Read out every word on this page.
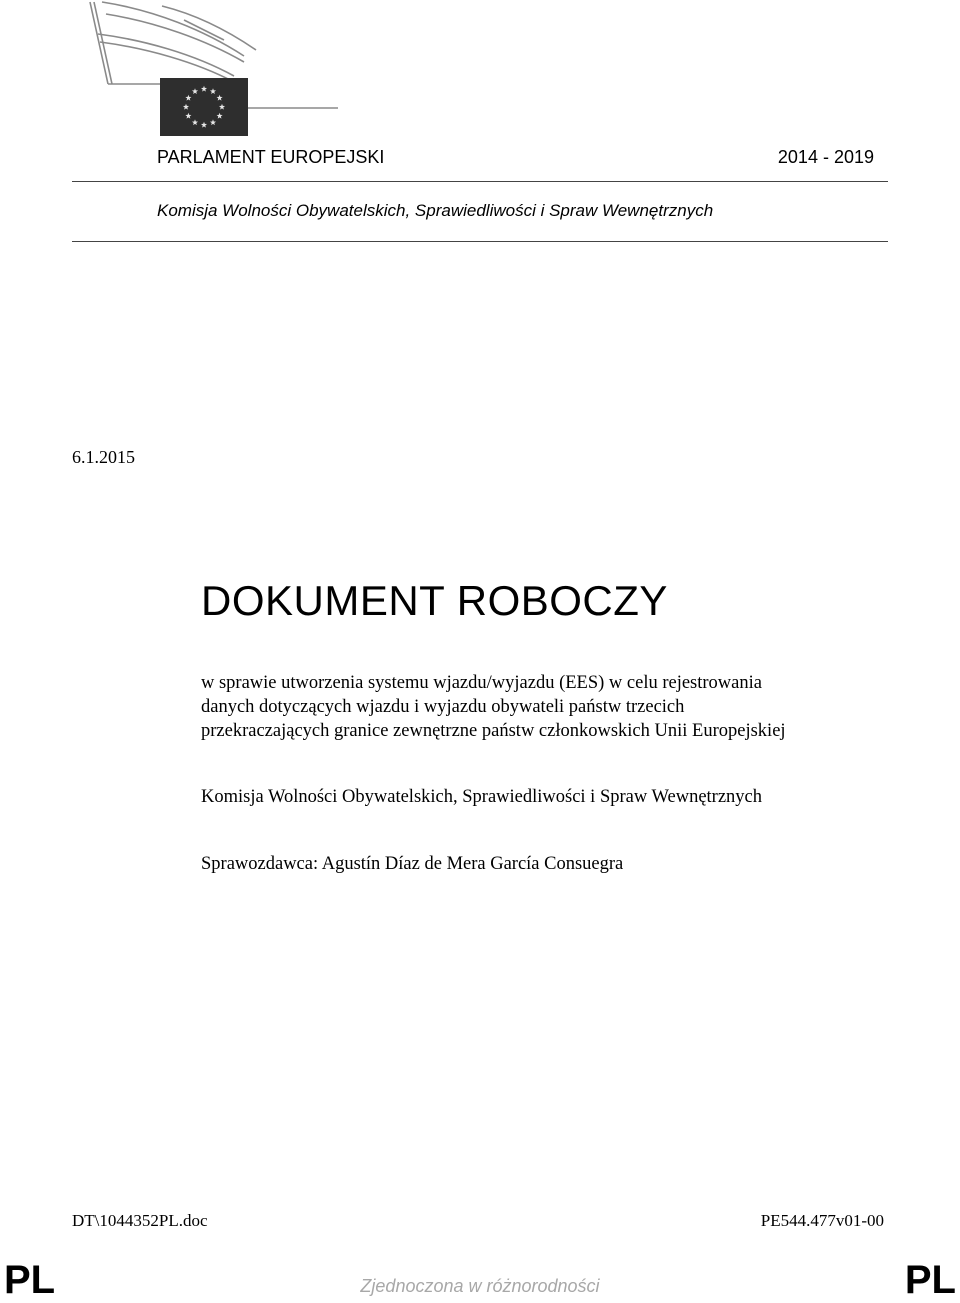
PARLAMENT EUROPEJSKI	2014 - 2019
Komisja Wolności Obywatelskich, Sprawiedliwości i Spraw Wewnętrznych
6.1.2015
DOKUMENT ROBOCZY
w sprawie utworzenia systemu wjazdu/wyjazdu (EES) w celu rejestrowania
danych dotyczących wjazdu i wyjazdu obywateli państw trzecich
przekraczających granice zewnętrzne państw członkowskich Unii Europejskiej
Komisja Wolności Obywatelskich, Sprawiedliwości i Spraw Wewnętrznych
Sprawozdawca: Agustín Díaz de Mera García Consuegra
DT\1044352PL.doc	PE544.477v01-00
PL	PL
Zjednoczona w różnorodności
